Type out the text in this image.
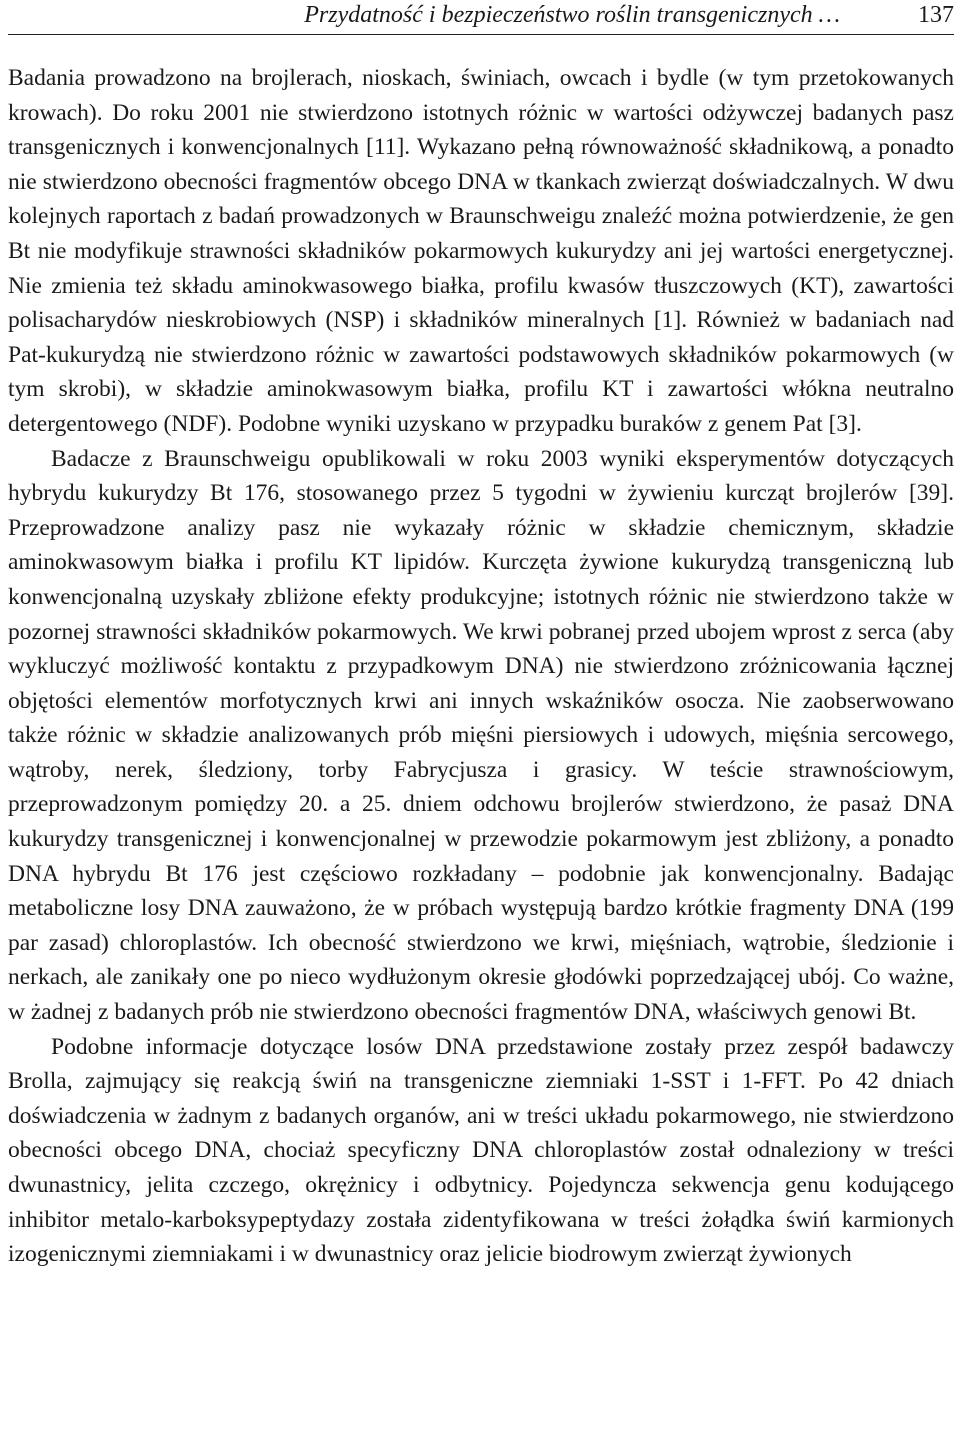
Przydatność i bezpieczeństwo roślin transgenicznych …	137

Badania prowadzono na brojlerach, nioskach, świniach, owcach i bydle (w tym przetokowanych krowach). Do roku 2001 nie stwierdzono istotnych różnic w wartości odżywczej badanych pasz transgenicznych i konwencjonalnych [11]. Wykazano pełną równoważność składnikową, a ponadto nie stwierdzono obecności fragmentów obcego DNA w tkankach zwierząt doświadczalnych. W dwu kolejnych raportach z badań prowadzonych w Braunschweigu znaleźć można potwierdzenie, że gen Bt nie modyfikuje strawności składników pokarmowych kukurydzy ani jej wartości energetycznej. Nie zmienia też składu aminokwasowego białka, profilu kwasów tłuszczowych (KT), zawartości polisacharydów nieskrobiowych (NSP) i składników mineralnych [1]. Również w badaniach nad Pat-kukurydzą nie stwierdzono różnic w zawartości podstawowych składników pokarmowych (w tym skrobi), w składzie aminokwasowym białka, profilu KT i zawartości włókna neutralno detergentowego (NDF). Podobne wyniki uzyskano w przypadku buraków z genem Pat [3].

Badacze z Braunschweigu opublikowali w roku 2003 wyniki eksperymentów dotyczących hybrydu kukurydzy Bt 176, stosowanego przez 5 tygodni w żywieniu kurcząt brojlerów [39]. Przeprowadzone analizy pasz nie wykazały różnic w składzie chemicznym, składzie aminokwasowym białka i profilu KT lipidów. Kurczęta żywione kukurydzą transgeniczną lub konwencjonalną uzyskały zbliżone efekty produkcyjne; istotnych różnic nie stwierdzono także w pozornej strawności składników pokarmowych. We krwi pobranej przed ubojem wprost z serca (aby wykluczyć możliwość kontaktu z przypadkowym DNA) nie stwierdzono zróżnicowania łącznej objętości elementów morfotycznych krwi ani innych wskaźników osocza. Nie zaobserwowano także różnic w składzie analizowanych prób mięśni piersiowych i udowych, mięśnia sercowego, wątroby, nerek, śledziony, torby Fabrycjusza i grasicy. W teście strawnościowym, przeprowadzonym pomiędzy 20. a 25. dniem odchowu brojlerów stwierdzono, że pasaż DNA kukurydzy transgenicznej i konwencjonalnej w przewodzie pokarmowym jest zbliżony, a ponadto DNA hybrydu Bt 176 jest częściowo rozkładany – podobnie jak konwencjonalny. Badając metaboliczne losy DNA zauważono, że w próbach występują bardzo krótkie fragmenty DNA (199 par zasad) chloroplastów. Ich obecność stwierdzono we krwi, mięśniach, wątrobie, śledzionie i nerkach, ale zanikały one po nieco wydłużonym okresie głodówki poprzedzającej ubój. Co ważne, w żadnej z badanych prób nie stwierdzono obecności fragmentów DNA, właściwych genowi Bt.

Podobne informacje dotyczące losów DNA przedstawione zostały przez zespół badawczy Brolla, zajmujący się reakcją świń na transgeniczne ziemniaki 1-SST i 1-FFT. Po 42 dniach doświadczenia w żadnym z badanych organów, ani w treści układu pokarmowego, nie stwierdzono obecności obcego DNA, chociaż specyficzny DNA chloroplastów został odnaleziony w treści dwunastnicy, jelita czczego, okrężnicy i odbytnicy. Pojedyncza sekwencja genu kodującego inhibitor metalo-karboksypeptydazy została zidentyfikowana w treści żołądka świń karmionych izogenicznymi ziemniakami i w dwunastnicy oraz jelicie biodrowym zwierząt żywionych
